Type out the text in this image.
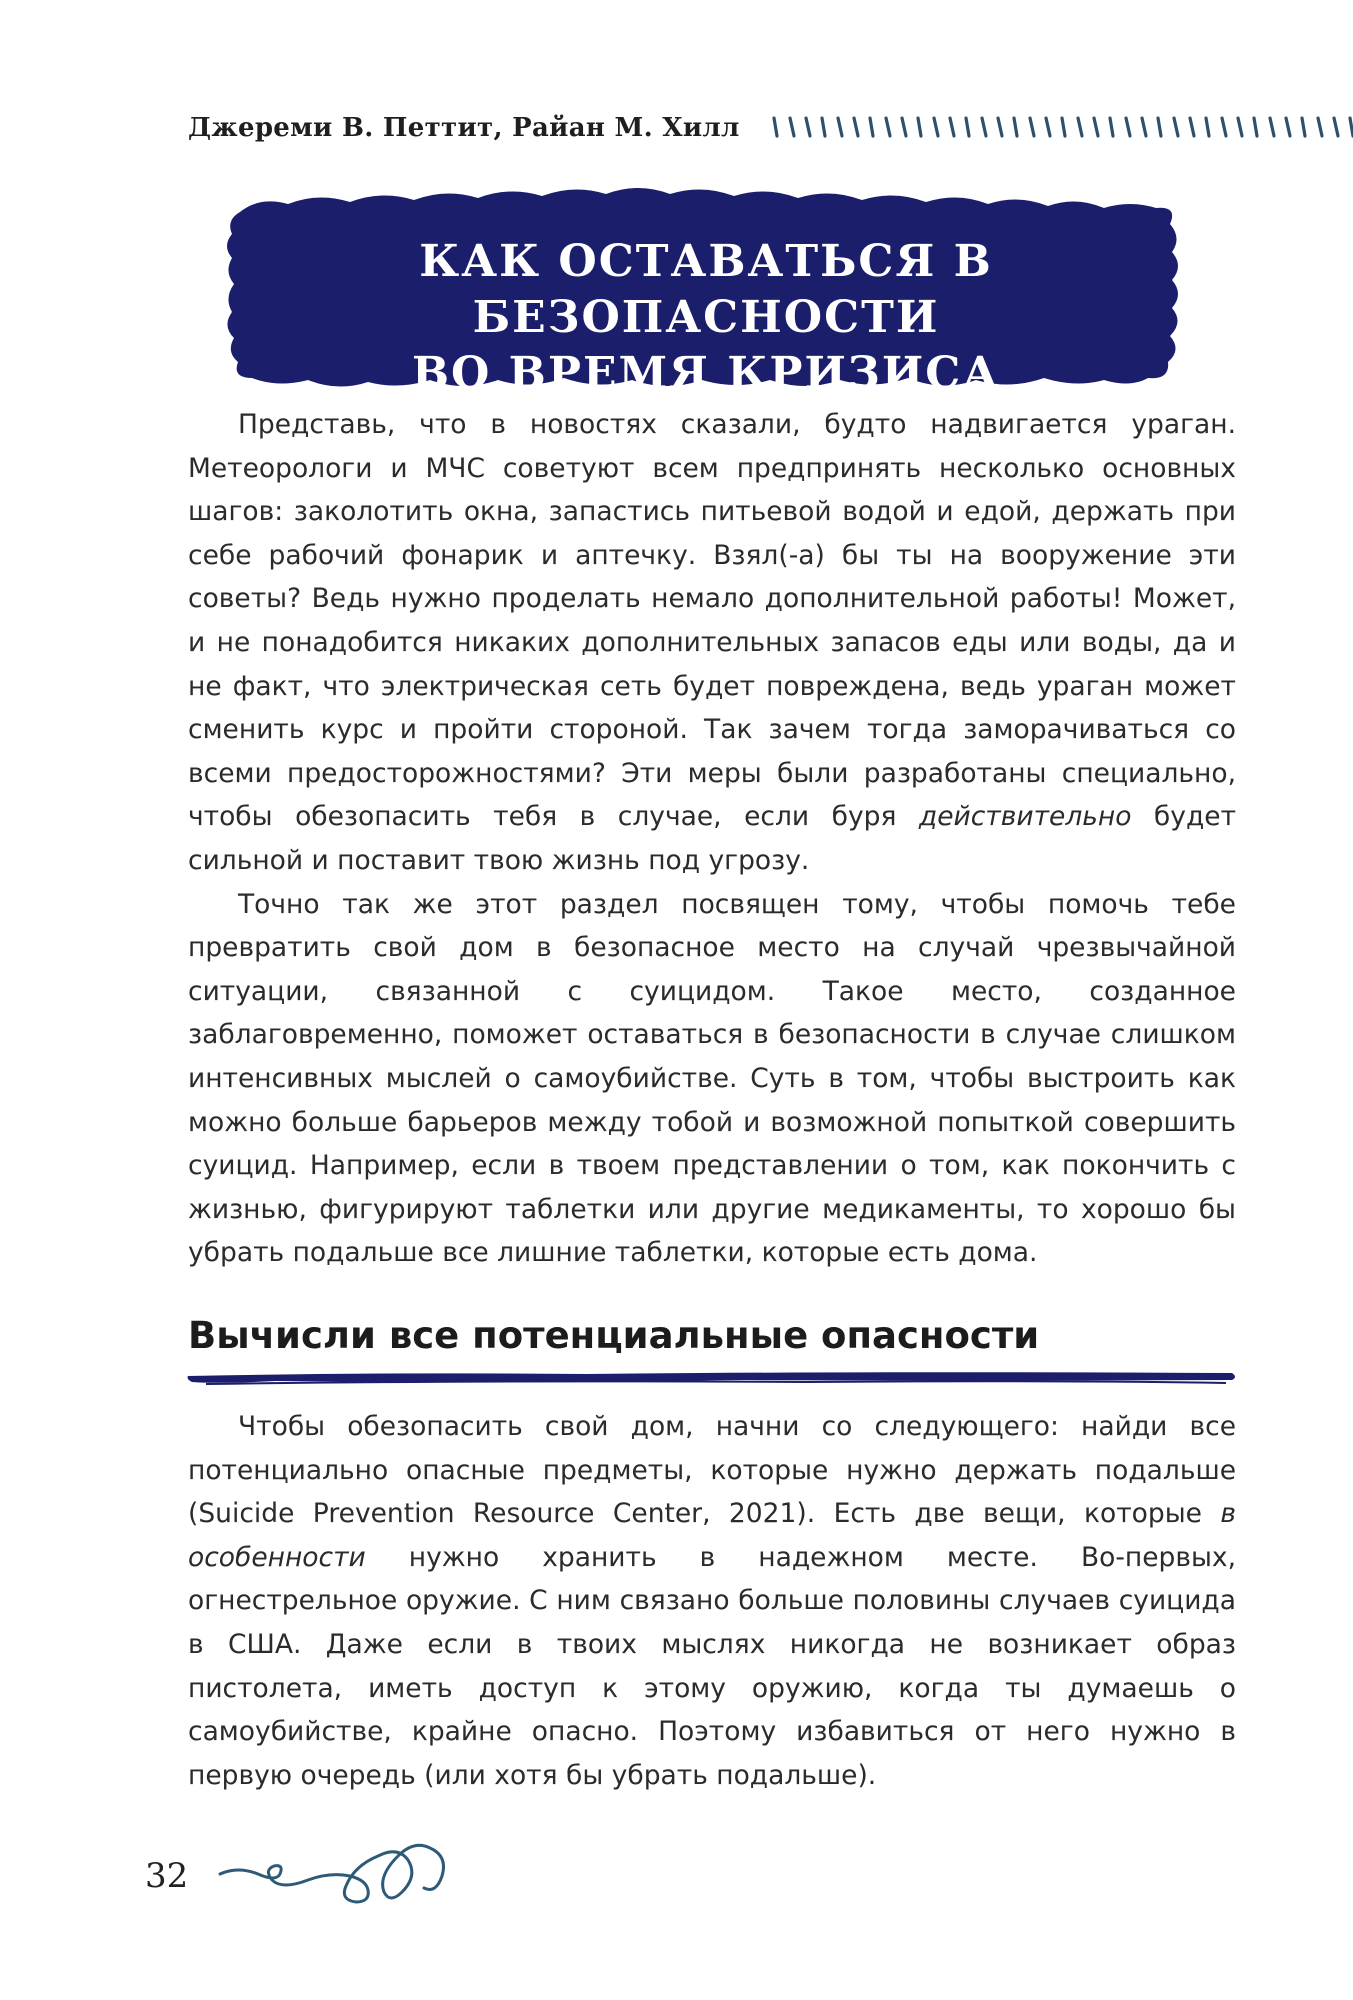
Джереми В. Петтит, Райан М. Хилл
КАК ОСТАВАТЬСЯ В БЕЗОПАСНОСТИ
ВО ВРЕМЯ КРИЗИСА

Представь, что в новостях сказали, будто надвигается ураган. Метеорологи и МЧС советуют всем предпринять несколько основных шагов: заколотить окна, запастись питьевой водой и едой, держать при себе рабочий фонарик и аптечку. Взял(-а) бы ты на вооружение эти советы? Ведь нужно проделать немало дополнительной работы! Может, и не понадобится никаких дополнительных запасов еды или воды, да и не факт, что электрическая сеть будет повреждена, ведь ураган может сменить курс и пройти стороной. Так зачем тогда заморачиваться со всеми предосторожностями? Эти меры были разработаны специально, чтобы обезопасить тебя в случае, если буря действительно будет сильной и поставит твою жизнь под угрозу.

Точно так же этот раздел посвящен тому, чтобы помочь тебе превратить свой дом в безопасное место на случай чрезвычайной ситуации, связанной с суицидом. Такое место, созданное заблаговременно, поможет оставаться в безопасности в случае слишком интенсивных мыслей о самоубийстве. Суть в том, чтобы выстроить как можно больше барьеров между тобой и возможной попыткой совершить суицид. Например, если в твоем представлении о том, как покончить с жизнью, фигурируют таблетки или другие медикаменты, то хорошо бы убрать подальше все лишние таблетки, которые есть дома.

Вычисли все потенциальные опасности

Чтобы обезопасить свой дом, начни со следующего: найди все потенциально опасные предметы, которые нужно держать подальше (Suicide Prevention Resource Center, 2021). Есть две вещи, которые в особенности нужно хранить в надежном месте. Во-первых, огнестрельное оружие. С ним связано больше половины случаев суицида в США. Даже если в твоих мыслях никогда не возникает образ пистолета, иметь доступ к этому оружию, когда ты думаешь о самоубийстве, крайне опасно. Поэтому избавиться от него нужно в первую очередь (или хотя бы убрать подальше).

32
